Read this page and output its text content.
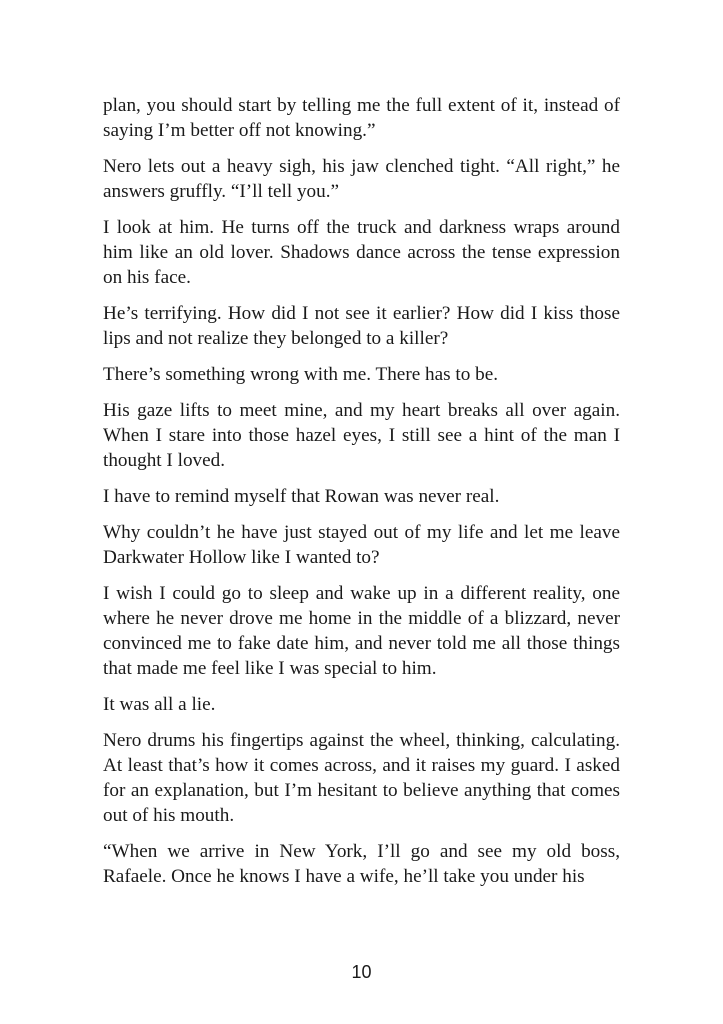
plan, you should start by telling me the full extent of it, instead of saying I’m better off not knowing.”

Nero lets out a heavy sigh, his jaw clenched tight. “All right,” he answers gruffly. “I’ll tell you.”

I look at him. He turns off the truck and darkness wraps around him like an old lover. Shadows dance across the tense expression on his face.

He’s terrifying. How did I not see it earlier? How did I kiss those lips and not realize they belonged to a killer?

There’s something wrong with me. There has to be.

His gaze lifts to meet mine, and my heart breaks all over again. When I stare into those hazel eyes, I still see a hint of the man I thought I loved.

I have to remind myself that Rowan was never real.

Why couldn’t he have just stayed out of my life and let me leave Darkwater Hollow like I wanted to?

I wish I could go to sleep and wake up in a different reality, one where he never drove me home in the middle of a blizzard, never convinced me to fake date him, and never told me all those things that made me feel like I was special to him.

It was all a lie.

Nero drums his fingertips against the wheel, thinking, calculating. At least that’s how it comes across, and it raises my guard. I asked for an explanation, but I’m hesitant to believe anything that comes out of his mouth.

“When we arrive in New York, I’ll go and see my old boss, Rafaele. Once he knows I have a wife, he’ll take you under his

10
